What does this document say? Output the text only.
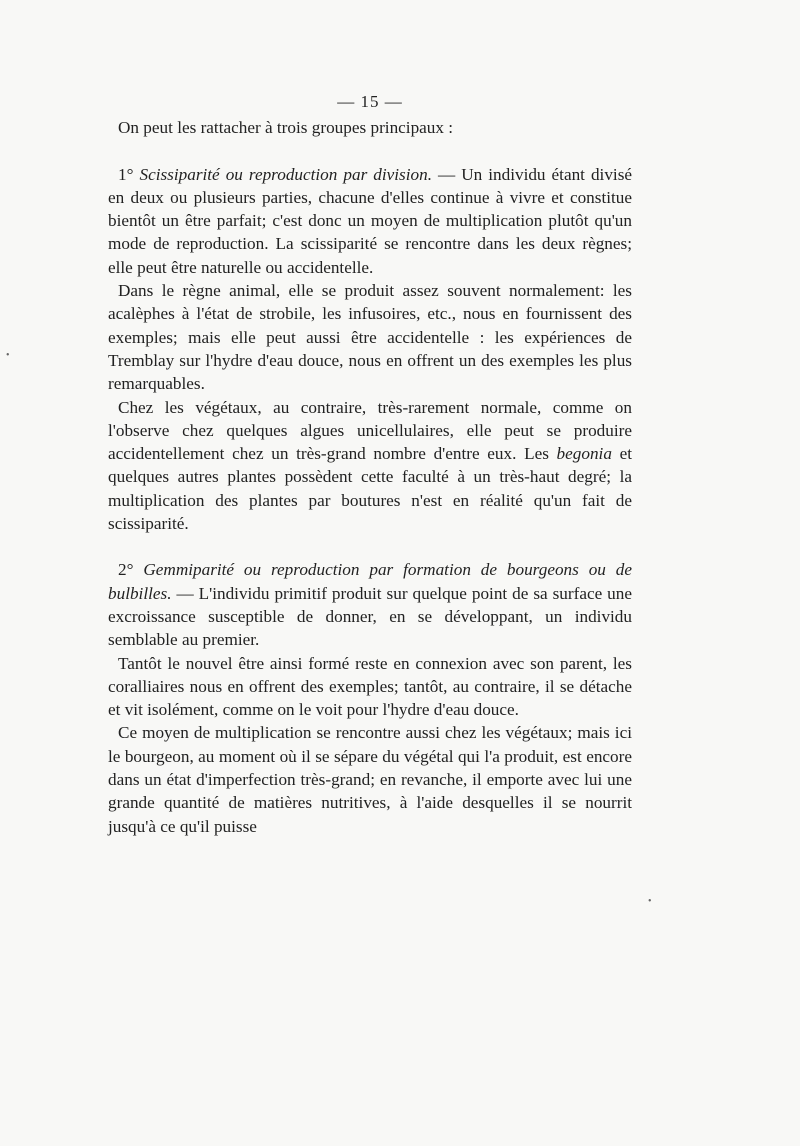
— 15 —

On peut les rattacher à trois groupes principaux :

1° Scissiparité ou reproduction par division. — Un individu étant divisé en deux ou plusieurs parties, chacune d'elles continue à vivre et constitue bientôt un être parfait; c'est donc un moyen de multiplication plutôt qu'un mode de reproduction. La scissiparité se rencontre dans les deux règnes; elle peut être naturelle ou accidentelle.

Dans le règne animal, elle se produit assez souvent normalement: les acalèphes à l'état de strobile, les infusoires, etc., nous en fournissent des exemples; mais elle peut aussi être accidentelle : les expériences de Tremblay sur l'hydre d'eau douce, nous en offrent un des exemples les plus remarquables.

Chez les végétaux, au contraire, très-rarement normale, comme on l'observe chez quelques algues unicellulaires, elle peut se produire accidentellement chez un très-grand nombre d'entre eux. Les begonia et quelques autres plantes possèdent cette faculté à un très-haut degré; la multiplication des plantes par boutures n'est en réalité qu'un fait de scissiparité.

2° Gemmiparité ou reproduction par formation de bourgeons ou de bulbilles. — L'individu primitif produit sur quelque point de sa surface une excroissance susceptible de donner, en se développant, un individu semblable au premier.

Tantôt le nouvel être ainsi formé reste en connexion avec son parent, les coralliaires nous en offrent des exemples; tantôt, au contraire, il se détache et vit isolément, comme on le voit pour l'hydre d'eau douce.

Ce moyen de multiplication se rencontre aussi chez les végétaux; mais ici le bourgeon, au moment où il se sépare du végétal qui l'a produit, est encore dans un état d'imperfection très-grand; en revanche, il emporte avec lui une grande quantité de matières nutritives, à l'aide desquelles il se nourrit jusqu'à ce qu'il puisse

•
•
